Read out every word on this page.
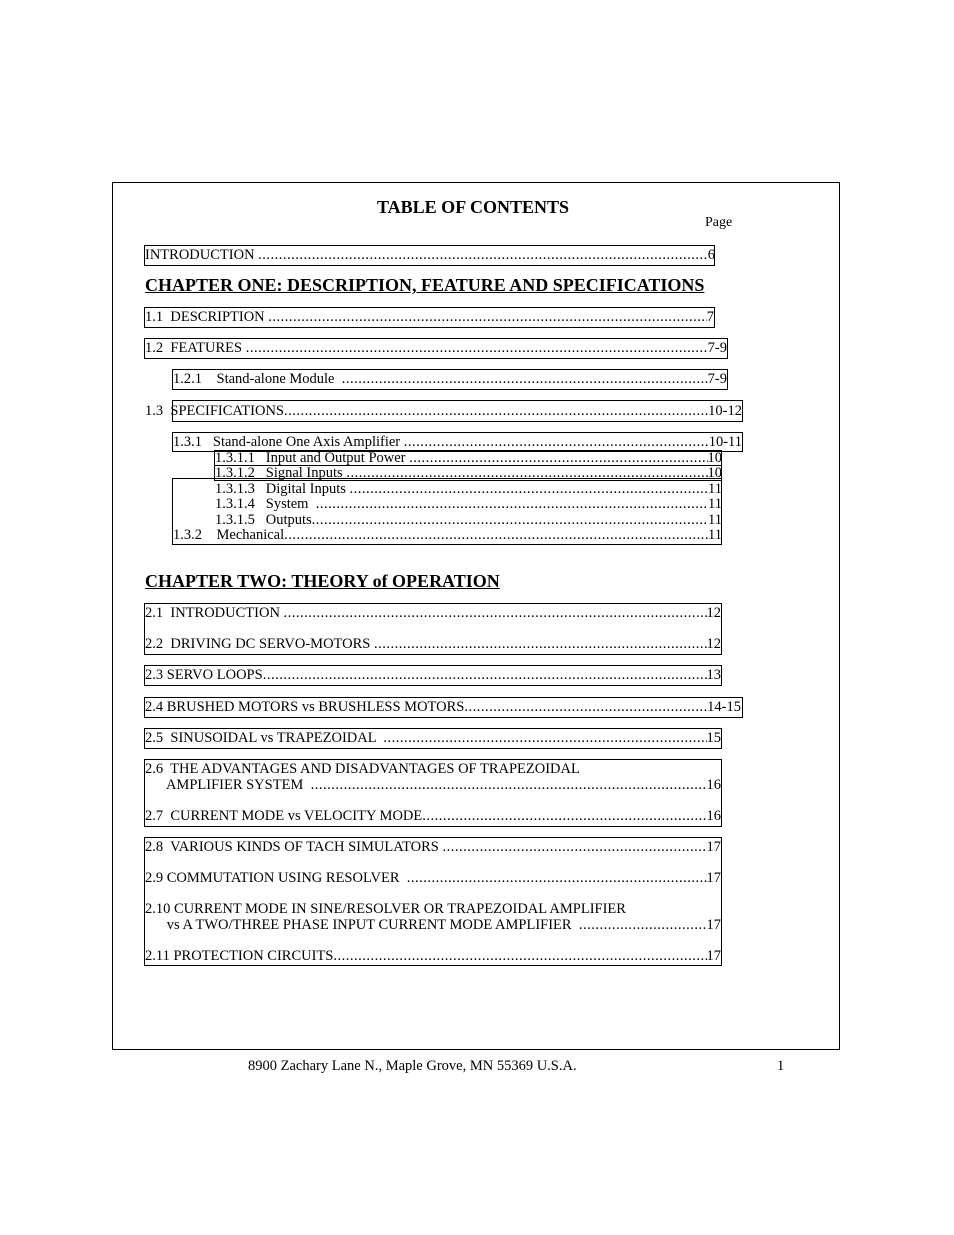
TABLE OF CONTENTS
Page
INTRODUCTION .....	6
CHAPTER ONE: DESCRIPTION, FEATURE AND SPECIFICATIONS
1.1  DESCRIPTION .....	7
1.2  FEATURES .....	7-9
1.2.1    Stand-alone Module .....	7-9
1.3 SPECIFICATIONS .....	10-12
1.3.1   Stand-alone One Axis Amplifier .....	10-11
1.3.1.1   Input and Output Power .....	10
1.3.1.2   Signal Inputs .....	10
1.3.1.3   Digital Inputs .....	11
1.3.1.4   System .....	11
1.3.1.5   Outputs .....	11
1.3.2    Mechanical .....	11
CHAPTER TWO: THEORY of OPERATION
2.1  INTRODUCTION .....	12
2.2  DRIVING DC SERVO-MOTORS .....	12
2.3 SERVO LOOPS .....	13
2.4 BRUSHED MOTORS vs BRUSHLESS MOTORS .....	14-15
2.5  SINUSOIDAL vs TRAPEZOIDAL .....	15
2.6  THE ADVANTAGES AND DISADVANTAGES OF TRAPEZOIDAL
AMPLIFIER SYSTEM .....	16
2.7  CURRENT MODE vs VELOCITY MODE .....	16
2.8  VARIOUS KINDS OF TACH SIMULATORS .....	17
2.9 COMMUTATION USING RESOLVER .....	17
2.10 CURRENT MODE IN SINE/RESOLVER OR TRAPEZOIDAL AMPLIFIER
vs A TWO/THREE PHASE INPUT CURRENT MODE AMPLIFIER .....	17
2.11 PROTECTION CIRCUITS .....	17
8900 Zachary Lane N., Maple Grove, MN 55369 U.S.A.	1
